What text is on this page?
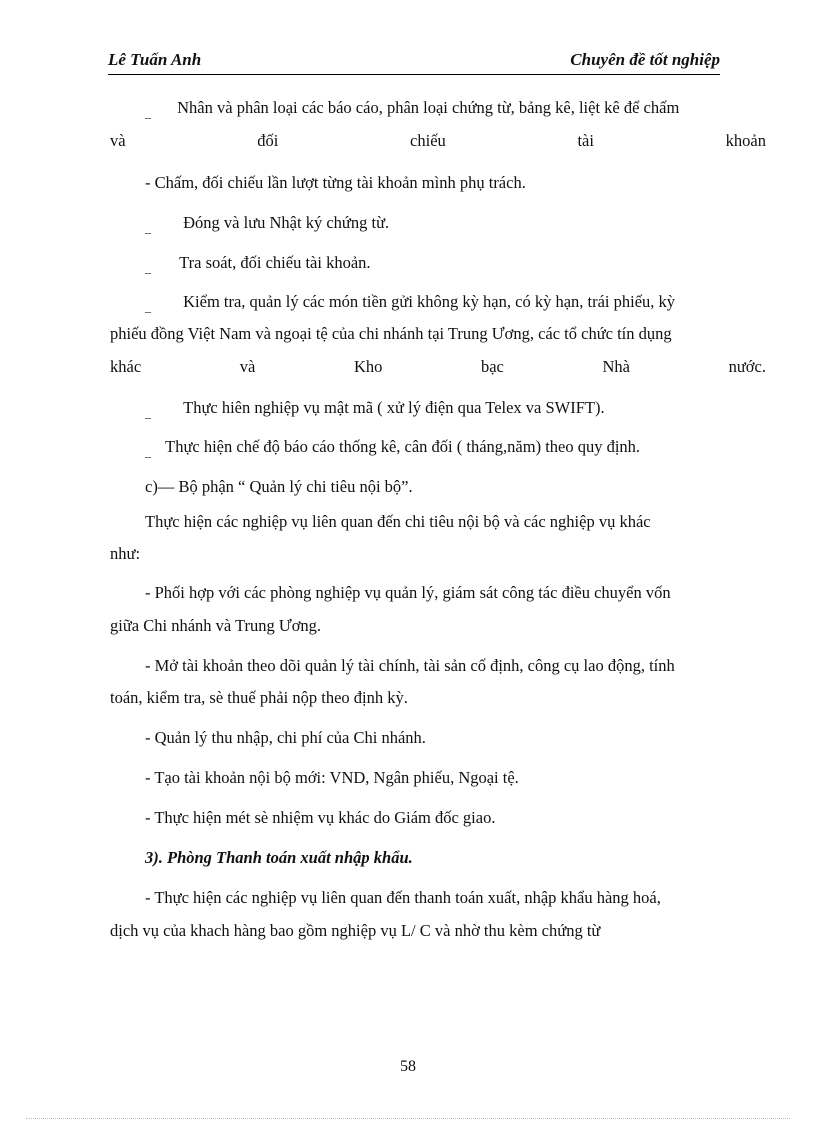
Lê Tuấn Anh	Chuyên đề tốt nghiệp
_ Nhân và phân loại các báo cáo, phân loại chứng từ, bảng kê, liệt kê để chấm
và	đối	chiếu	tài	khoản
- Chấm, đối chiếu lần lượt từng tài khoản mình phụ trách.
_ Đóng và lưu Nhật ký chứng từ.
_ Tra soát, đối chiếu tài khoản.
_ Kiểm tra, quản lý các món tiền gửi không kỳ hạn, có kỳ hạn, trái phiếu, kỳ
phiếu đồng Việt Nam và ngoại tệ của chi nhánh tại Trung Ương, các tổ chức tín dụng
khác	và	Kho	bạc	Nhà	nước.
_ Thực hiên nghiệp vụ mật mã ( xử lý điện qua Telex va SWIFT).
_ Thực hiện chế độ báo cáo thống kê, cân đối ( tháng,năm) theo quy định.
c)— Bộ phận “ Quản lý chi tiêu nội bộ”.
Thực hiện các nghiệp vụ liên quan đến chi tiêu nội bộ và các nghiệp vụ khác
như:
- Phối hợp với các phòng nghiệp vụ quản lý, giám sát công tác điều chuyển vốn
giữa Chi nhánh và Trung Ương.
- Mở tài khoản theo dõi quản lý tài chính, tài sản cố định, công cụ lao động, tính
toán, kiểm tra, sè thuế phải nộp theo định kỳ.
- Quản lý thu nhập, chi phí của Chi nhánh.
- Tạo tài khoản nội bộ mới: VND, Ngân phiếu, Ngoại tệ.
- Thực hiện mét sè nhiệm vụ khác do Giám đốc giao.
3). Phòng Thanh toán xuất nhập khẩu.
- Thực hiện các nghiệp vụ liên quan đến thanh toán xuất, nhập khẩu hàng hoá,
dịch vụ của khach hàng bao gồm nghiệp vụ L/ C và nhờ thu kèm chứng từ
58
